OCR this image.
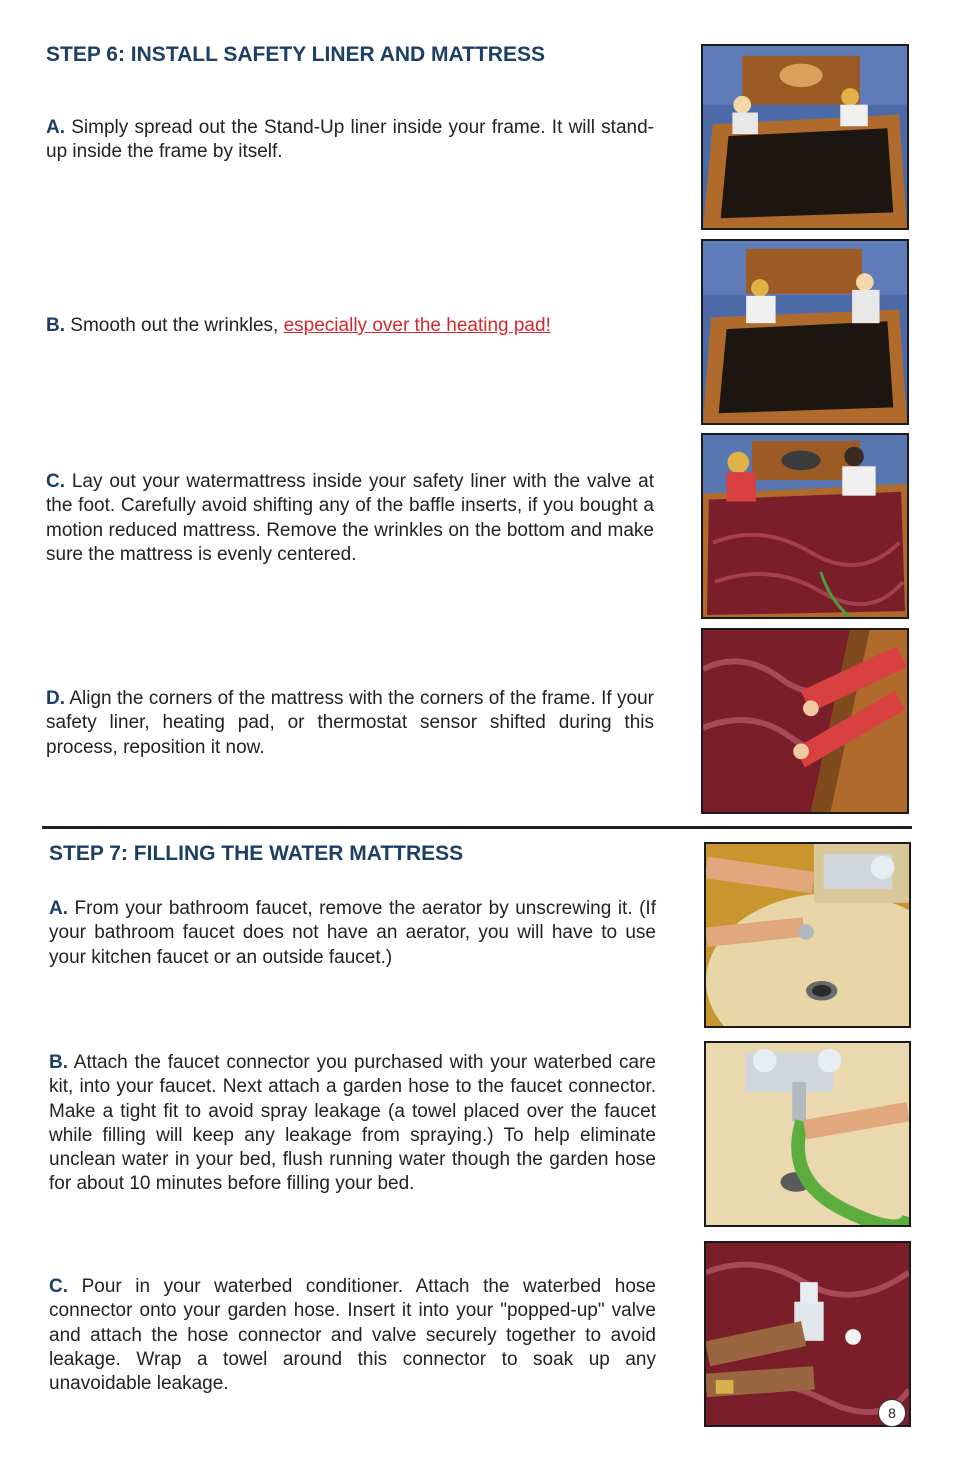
STEP 6: INSTALL SAFETY LINER AND MATTRESS

A. Simply spread out the Stand-Up liner inside your frame. It will stand-up inside the frame by itself.

B. Smooth out the wrinkles, especially over the heating pad!

C. Lay out your watermattress inside your safety liner with the valve at the foot. Carefully avoid shifting any of the baffle inserts, if you bought a motion reduced mattress. Remove the wrinkles on the bottom and make sure the mattress is evenly centered.

D. Align the corners of the mattress with the corners of the frame. If your safety liner, heating pad, or thermostat sensor shifted during this process, reposition it now.

STEP 7: FILLING THE WATER MATTRESS

A. From your bathroom faucet, remove the aerator by unscrewing it. (If your bathroom faucet does not have an aerator, you will have to use your kitchen faucet or an outside faucet.)

B. Attach the faucet connector you purchased with your waterbed care kit, into your faucet. Next attach a garden hose to the faucet connector. Make a tight fit to avoid spray leakage (a towel placed over the faucet while filling will keep any leakage from spraying.) To help eliminate unclean water in your bed, flush running water though the garden hose for about 10 minutes before filling your bed.

C. Pour in your waterbed conditioner. Attach the waterbed hose connector onto your garden hose. Insert it into your "popped-up" valve and attach the hose connector and valve securely together to avoid leakage. Wrap a towel around this connector to soak up any unavoidable leakage.

8
